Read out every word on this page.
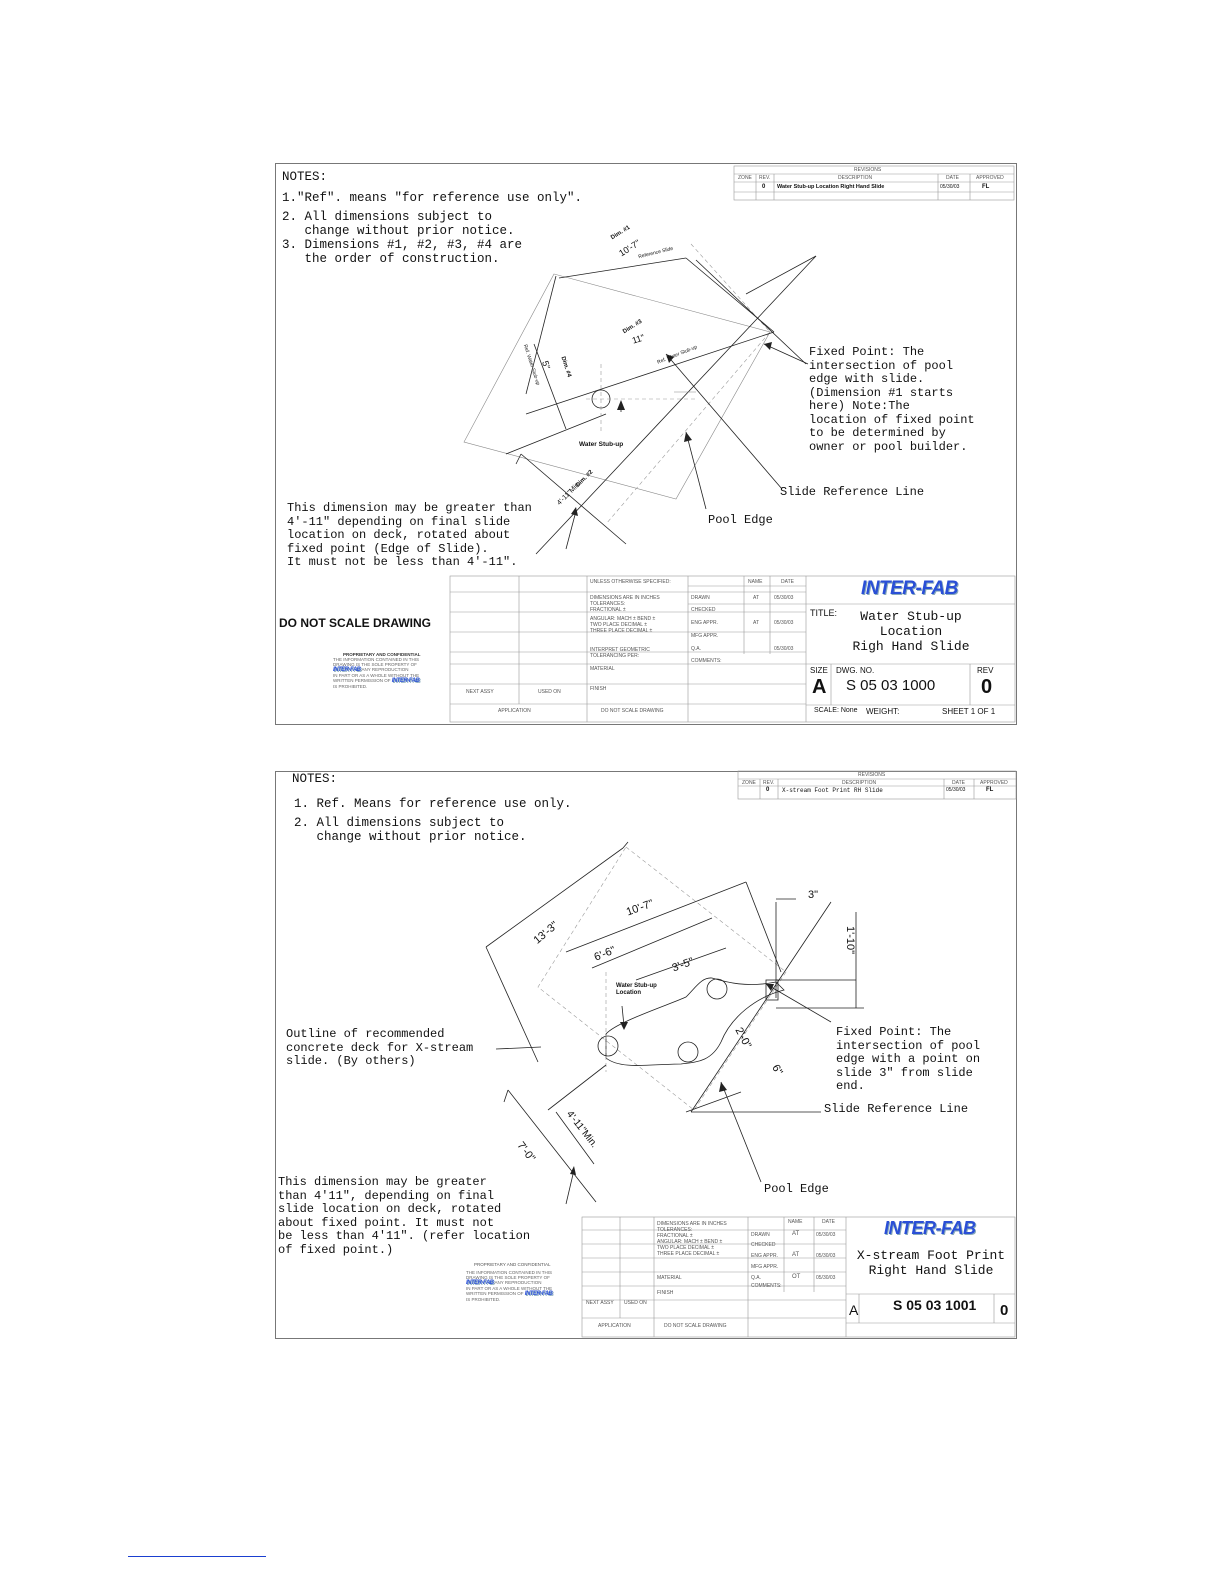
NOTES:
1."Ref". means "for reference use only".
2. All dimensions subject to
change without prior notice.
3. Dimensions #1, #2, #3, #4 are
the order of construction.
REVISIONS
ZONE REV.	DESCRIPTION	DATE	APPROVED
0 Water Stub-up Location Right Hand Slide	05/30/03	FL
Dim. #1
10'-7"
Reference Slide
Dim. #3
11"
Ref. Water Stub-up
Dim. #4
5"
Ref. Water Stub-up
Water Stub-up
Dim. #2
4'-11"Min.
Fixed Point: The
intersection of pool
edge with slide.
(Dimension #1 starts
here) Note:The
location of fixed point
to be determined by
owner or pool builder.
Slide Reference Line
Pool Edge
This dimension may be greater than
4'-11" depending on final slide
location on deck, rotated about
fixed point (Edge of Slide).
It must not be less than 4'-11".
DO NOT SCALE DRAWING
PROPRIETARY AND CONFIDENTIAL
THE INFORMATION CONTAINED IN THIS
DRAWING IS THE SOLE PROPERTY OF
INTER-FAB ANY REPRODUCTION
IN PART OR AS A WHOLE WITHOUT THE
WRITTEN PERMISSION OF INTER-FAB
IS PROHIBITED.
NEXT ASSY	USED ON
APPLICATION	DO NOT SCALE DRAWING
UNLESS OTHERWISE SPECIFIED:
DIMENSIONS ARE IN INCHES
TOLERANCES:
FRACTIONAL ±
ANGULAR: MACH ± BEND ±
TWO PLACE DECIMAL ±
THREE PLACE DECIMAL ±
INTERPRET GEOMETRIC
TOLERANCING PER:
MATERIAL
FINISH
NAME	DATE
DRAWN	AT	05/30/03
CHECKED
ENG APPR.	AT	05/30/03
MFG APPR.
Q.A.	05/30/03
COMMENTS:
INTER-FAB
TITLE:	Water Stub-up
Location
Righ Hand Slide
SIZE
A
DWG. NO.
S 05 03 1000
REV
0
SCALE: None WEIGHT:	SHEET 1 OF 1
NOTES:
1. Ref. Means for reference use only.
2. All dimensions subject to
change without prior notice.
REVISIONS
ZONE REV.	DESCRIPTION	DATE	APPROVED
0 X-stream Foot Print RH Slide	05/30/03	FL
13'-3"
10'-7"
6'-6"
3'-5"
3"
1'-10"
2'-0"
6"
4'-11"Min.
7'-0"
Water Stub-up
Location
Outline of recommended
concrete deck for X-stream
slide. (By others)
Fixed Point: The
intersection of pool
edge with a point on
slide 3" from slide
end.
Slide Reference Line
Pool Edge
This dimension may be greater
than 4'11", depending on final
slide location on deck, rotated
about fixed point. It must not
be less than 4'11". (refer location
of fixed point.)
PROPRIETARY AND CONFIDENTIAL
THE INFORMATION CONTAINED IN THIS
DRAWING IS THE SOLE PROPERTY OF
INTER-FAB ANY REPRODUCTION
IN PART OR AS A WHOLE WITHOUT THE
WRITTEN PERMISSION OF INTER-FAB
IS PROHIBITED.
NEXT ASSY USED ON
APPLICATION	DO NOT SCALE DRAWING
DIMENSIONS ARE IN INCHES
TOLERANCES:
FRACTIONAL ±
ANGULAR: MACH ± BEND ±
TWO PLACE DECIMAL ±
THREE PLACE DECIMAL ±
MATERIAL
FINISH
NAME	DATE
DRAWN	AT	05/30/03
CHECKED
ENG APPR. AT	05/30/03
MFG APPR.
Q.A.	OT	05/30/03
COMMENTS:
INTER-FAB
X-stream Foot Print
Right Hand Slide
A S 05 03 1001 0
